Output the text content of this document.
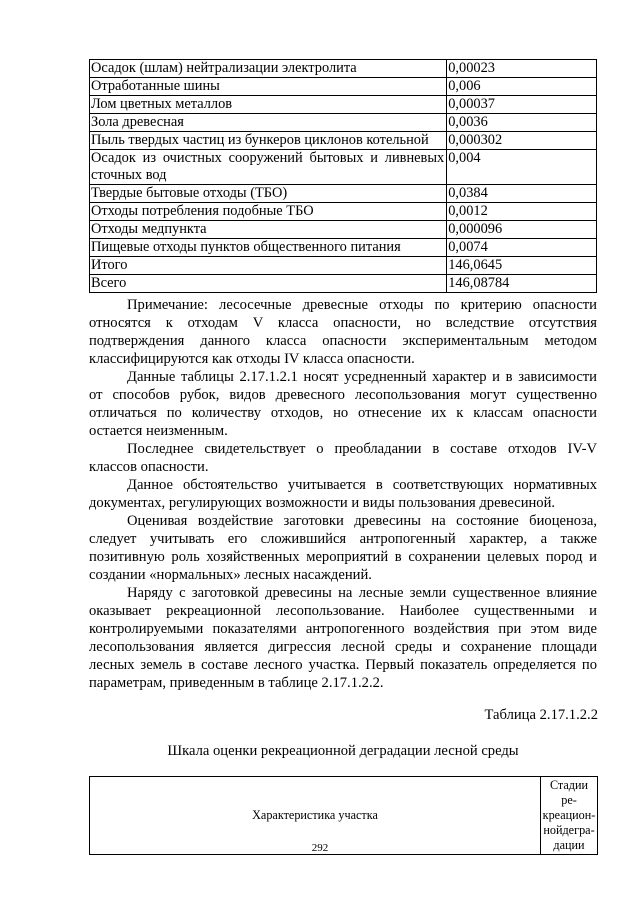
Осадок (шлам) нейтрализации электролита	0,00023
Отработанные шины	0,006
Лом цветных металлов	0,00037
Зола древесная	0,0036
Пыль твердых частиц из бункеров циклонов котельной	0,000302
Осадок из очистных сооружений бытовых и ливневых сточных вод	0,004
Твердые бытовые отходы (ТБО)	0,0384
Отходы потребления подобные ТБО	0,0012
Отходы медпункта	0,000096
Пищевые отходы пунктов общественного питания	0,0074
Итого	146,0645
Всего	146,08784

Примечание: лесосечные древесные отходы по критерию опасности относятся к отходам V класса опасности, но вследствие отсутствия подтверждения данного класса опасности экспериментальным методом классифицируются как отходы IV класса опасности.

Данные таблицы 2.17.1.2.1 носят усредненный характер и в зависимости от способов рубок, видов древесного лесопользования могут существенно отличаться по количеству отходов, но отнесение их к классам опасности остается неизменным.

Последнее свидетельствует о преобладании в составе отходов IV-V классов опасности.

Данное обстоятельство учитывается в соответствующих нормативных документах, регулирующих возможности и виды пользования древесиной.

Оценивая воздействие заготовки древесины на состояние биоценоза, следует учитывать его сложившийся антропогенный характер, а также позитивную роль хозяйственных мероприятий в сохранении целевых пород и создании «нормальных» лесных насаждений.

Наряду с заготовкой древесины на лесные земли существенное влияние оказывает рекреационной лесопользование. Наиболее существенными и контролируемыми показателями антропогенного воздействия при этом виде лесопользования является дигрессия лесной среды и сохранение площади лесных земель в составе лесного участка. Первый показатель определяется по параметрам, приведенным в таблице 2.17.1.2.2.

Таблица 2.17.1.2.2
Шкала оценки рекреационной деградации лесной среды
Характеристика участка	Стадии ре-
креацион-
нойдегра-
дации
292
